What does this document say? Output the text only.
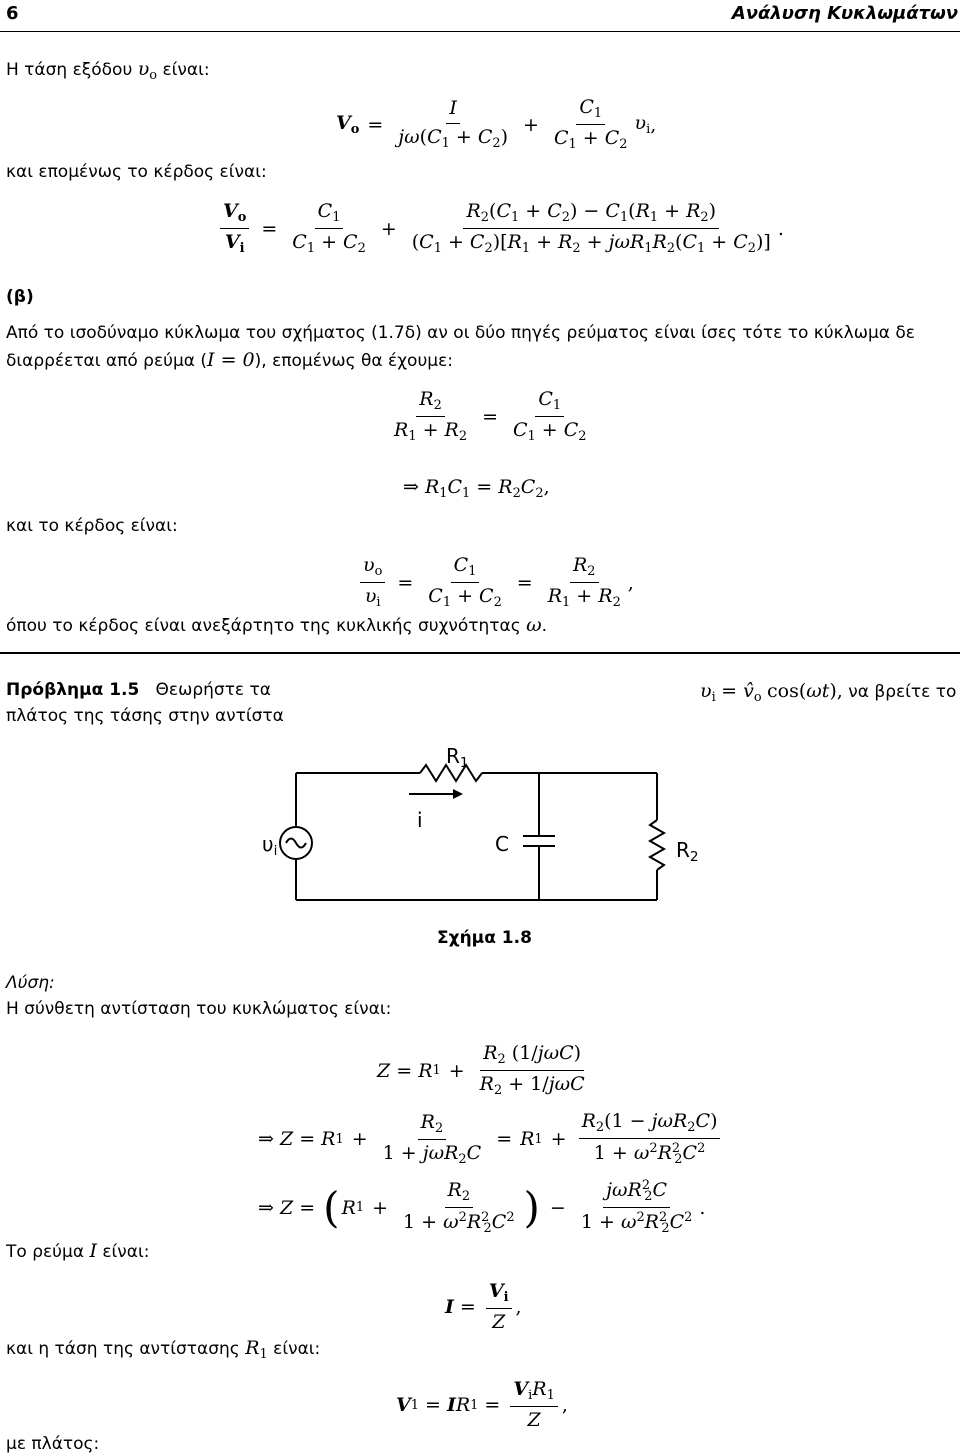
6	Ανάλυση Κυκλωμάτων
Η τάση εξόδου $\upsilon_o$ είναι:
$V_o = \frac{I}{j\omega(C_1 + C_2)} + \frac{C_1}{C_1 + C_2} \upsilon_i$ ,
και επομένως το κέρδος είναι:
$\frac{V_o}{V_i} = \frac{C_1}{C_1 + C_2} + \frac{R_2(C_1 + C_2) - C_1(R_1 + R_2)}{(C_1 + C_2)[R_1 + R_2 + j\omega R_1R_2(C_1 + C_2)]}$ .
(β)
Από το ισοδύναμο κύκλωμα του σχήματος (1.7δ) αν οι δύο πηγές ρεύματος είναι ίσες τότε το κύκλωμα δε
διαρρέεται από ρεύμα (I = 0), επομένως θα έχουμε:
$\frac{R_2}{R_1 + R_2} = \frac{C_1}{C_1 + C_2}$
⇒ $R_1C_1 = R_2C_2$,
και το κέρδος είναι:
$\frac{\upsilon_o}{\upsilon_i} = \frac{C_1}{C_1 + C_2} = \frac{R_2}{R_1 + R_2}$ ,
όπου το κέρδος είναι ανεξάρτητο της κυκλικής συχνότητας ω.
Πρόβλημα 1.5 Θεωρήστε τα	$\upsilon_i$ = $v̂_o$ cos(ωt), να βρείτε το
πλάτος της τάσης στην αντίστα
$R_1$
i
C	$R_2$
$\upsilon_i$
Σχήμα 1.8
Λύση:
Η σύνθετη αντίσταση του κυκλώματος είναι:
Z = R $1 + \frac{R_2 (1/j\omega C)}{R_2 + 1/j\omega C}$
⇒ Z = R $1 + \frac{R_2}{1 + j\omega R_2C} = R$ $1 + \frac{R_2(1 - j\omega R_2C)}{1 + \omega^2R^2_2C^2}$
⇒ Z = ( R $1 + \frac{R_2}{1 + \omega^2R^2_2C^2}$ ) − $\frac{j\omega R^2_2C}{1 + \omega^2R^2_2C^2}$ .
Το ρεύμα I είναι:
$I = \frac{V_i}{Z}$ ,
και η τάση της αντίστασης $R_1$ είναι:
V 1 = I R $1 = \frac{V_iR_1}{Z}$ ,
με πλάτος:
